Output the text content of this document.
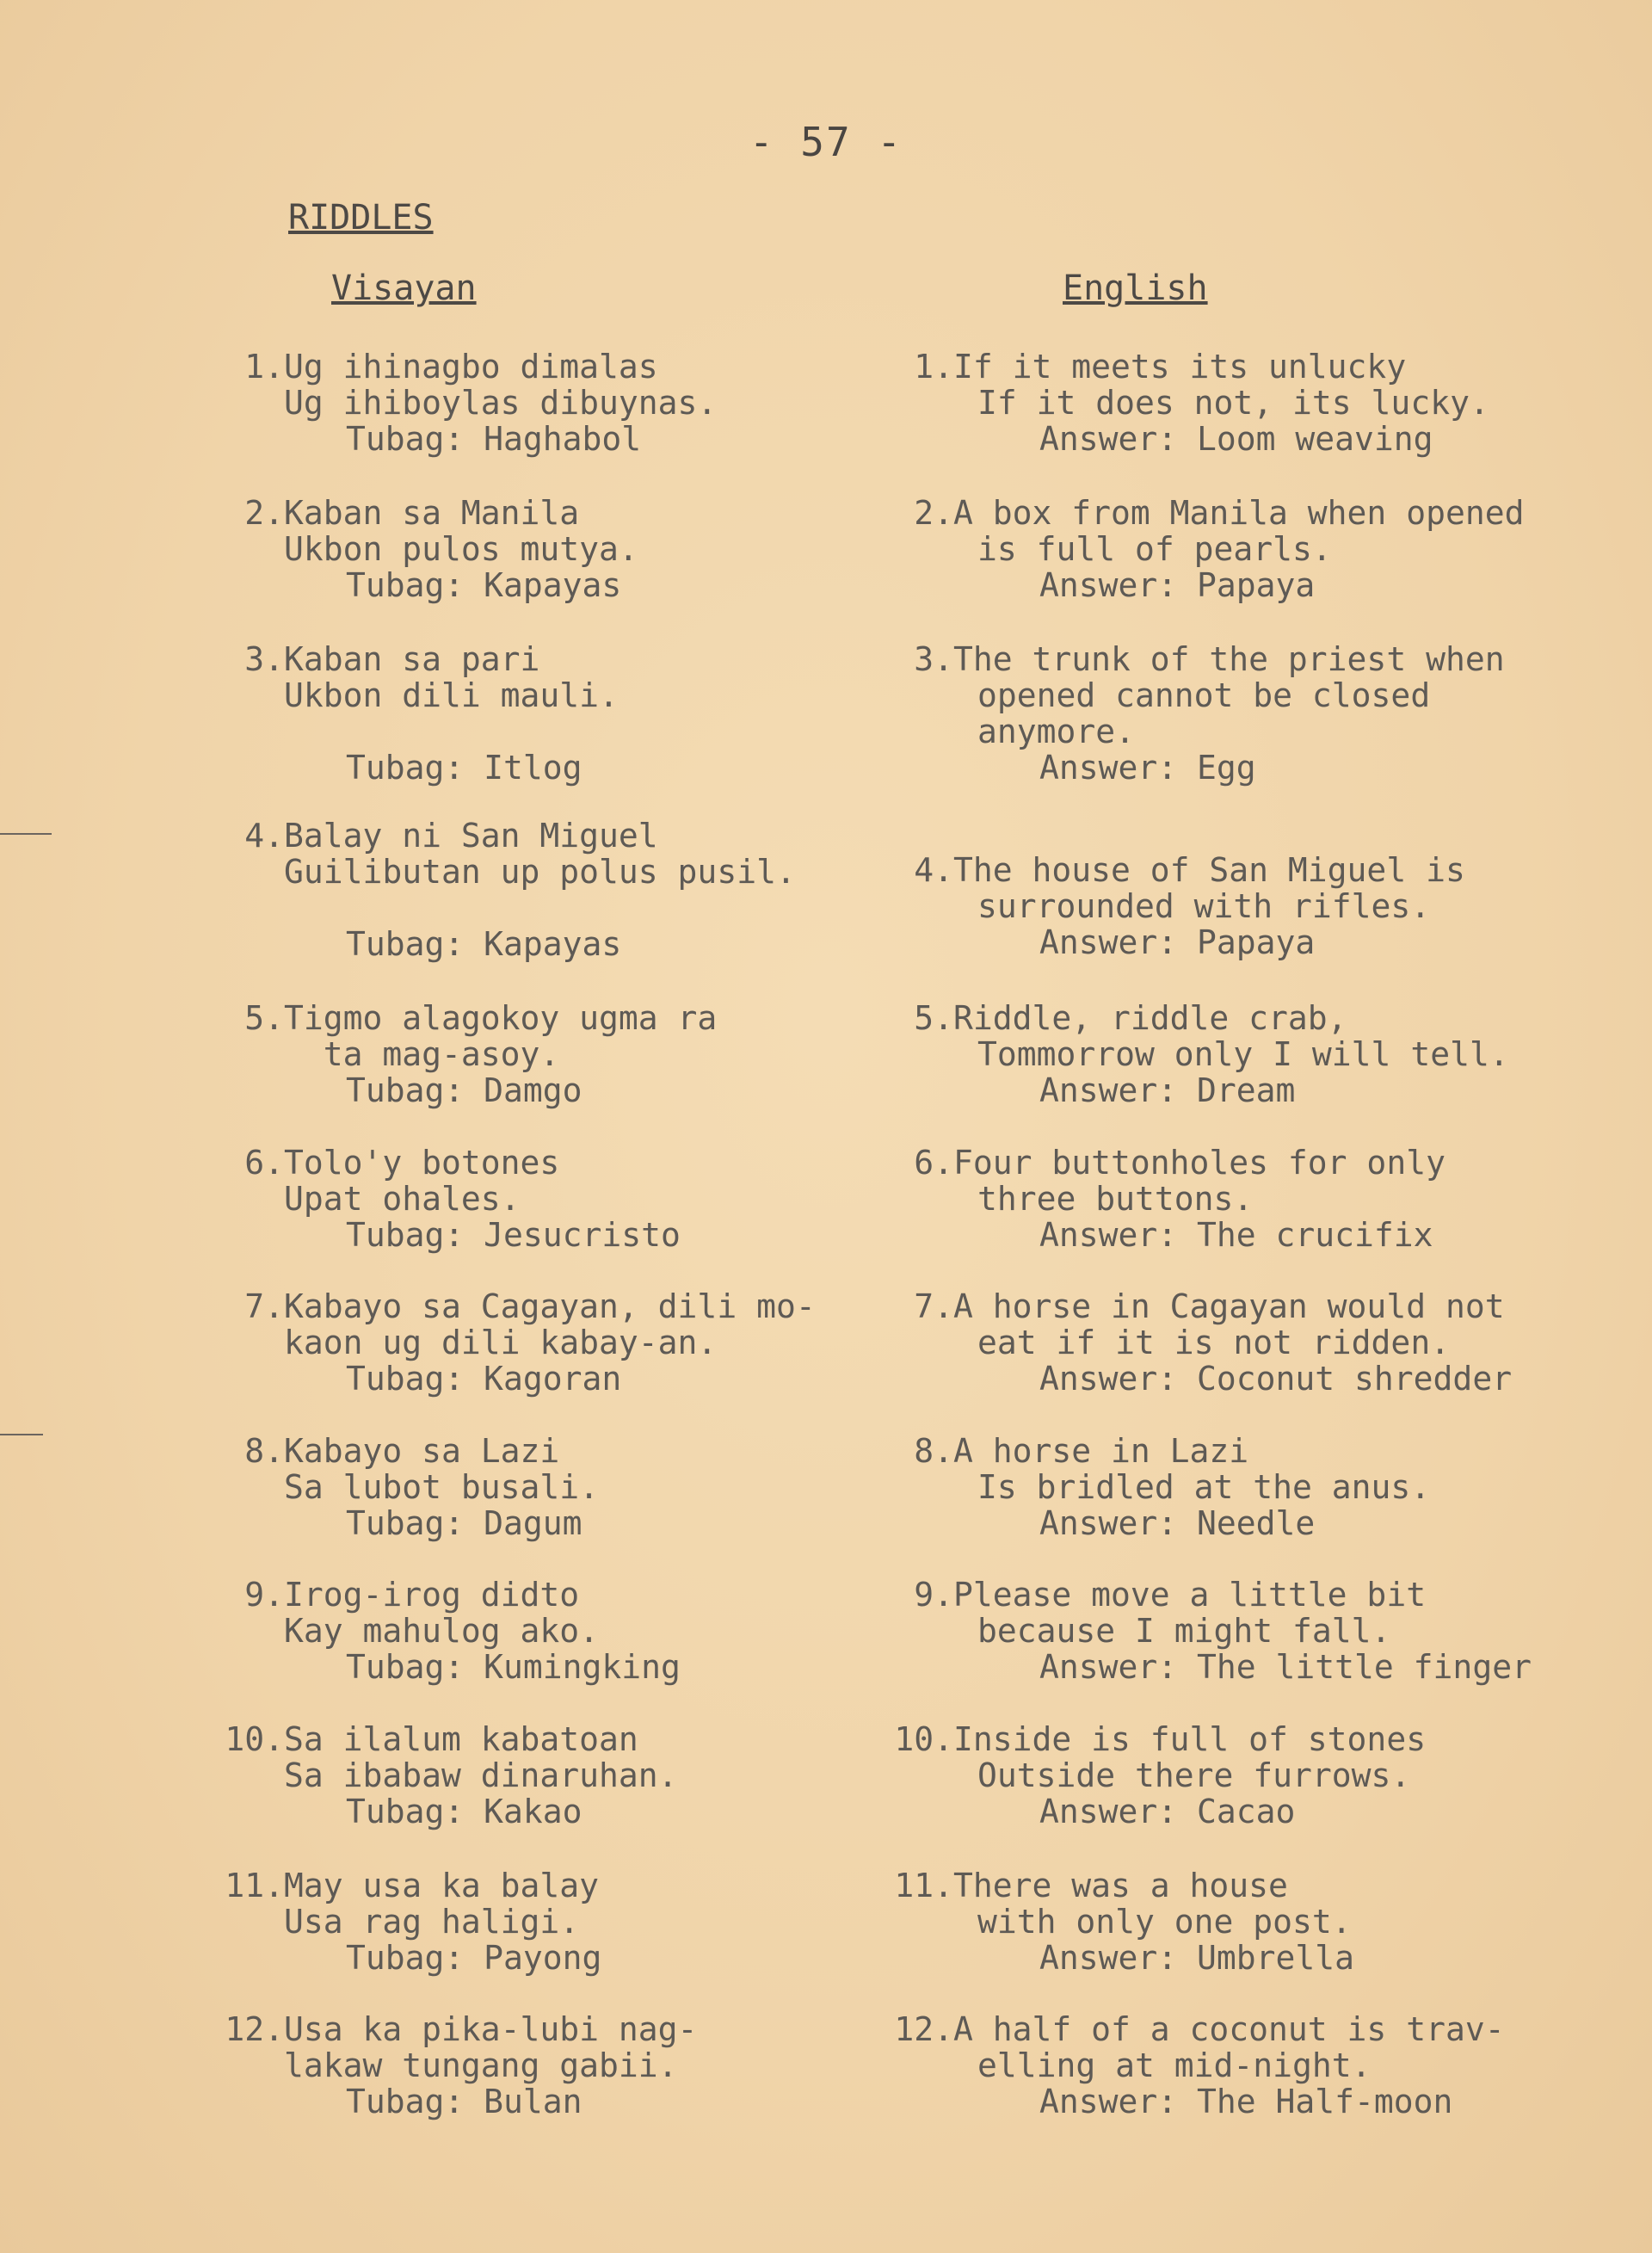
- 57 -
RIDDLES
Visayan	English
1. Ug ihinagbo dimalas
Ug ihiboylas dibuynas.
Tubag: Haghabol
2. Kaban sa Manila
Ukbon pulos mutya.
Tubag: Kapayas
3. Kaban sa pari
Ukbon dili mauli.
Tubag: Itlog
4. Balay ni San Miguel
Guilibutan up polus pusil.
Tubag: Kapayas
5. Tigmo alagokoy ugma ra
ta mag-asoy.
Tubag: Damgo
6. Tolo'y botones
Upat ohales.
Tubag: Jesucristo
7. Kabayo sa Cagayan, dili mo-
kaon ug dili kabay-an.
Tubag: Kagoran
8. Kabayo sa Lazi
Sa lubot busali.
Tubag: Dagum
9. Irog-irog didto
Kay mahulog ako.
Tubag: Kumingking
10. Sa ilalum kabatoan
Sa ibabaw dinaruhan.
Tubag: Kakao
11. May usa ka balay
Usa rag haligi.
Tubag: Payong
12. Usa ka pika-lubi nag-
lakaw tungang gabii.
Tubag: Bulan
1. If it meets its unlucky
If it does not, its lucky.
Answer: Loom weaving
2. A box from Manila when opened
is full of pearls.
Answer: Papaya
3. The trunk of the priest when
opened cannot be closed
anymore.
Answer: Egg
4. The house of San Miguel is
surrounded with rifles.
Answer: Papaya
5. Riddle, riddle crab,
Tommorrow only I will tell.
Answer: Dream
6. Four buttonholes for only
three buttons.
Answer: The crucifix
7. A horse in Cagayan would not
eat if it is not ridden.
Answer: Coconut shredder
8. A horse in Lazi
Is bridled at the anus.
Answer: Needle
9. Please move a little bit
because I might fall.
Answer: The little finger
10. Inside is full of stones
Outside there furrows.
Answer: Cacao
11. There was a house
with only one post.
Answer: Umbrella
12. A half of a coconut is trav-
elling at mid-night.
Answer: The Half-moon
